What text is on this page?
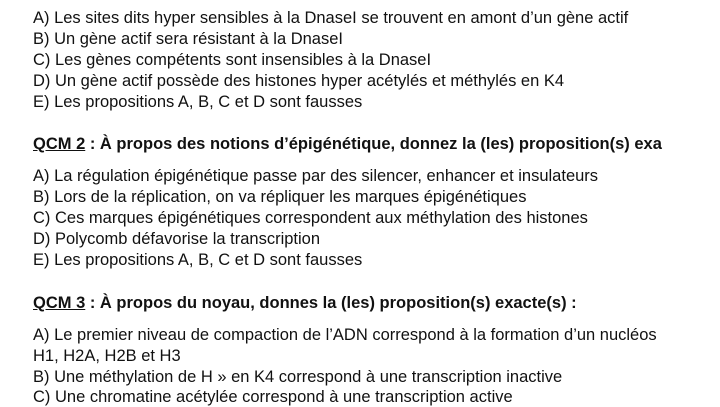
A) Les sites dits hyper sensibles à la DnaseI se trouvent en amont d’un gène actif
B) Un gène actif sera résistant à la DnaseI
C) Les gènes compétents sont insensibles à la DnaseI
D) Un gène actif possède des histones hyper acétylés et méthylés en K4
E) Les propositions A, B, C et D sont fausses
QCM 2 : À propos des notions d’épigénétique, donnez la (les) proposition(s) exa
A) La régulation épigénétique passe par des silencer, enhancer et insulateurs
B) Lors de la réplication, on va répliquer les marques épigénétiques
C) Ces marques épigénétiques correspondent aux méthylation des histones
D) Polycomb défavorise la transcription
E) Les propositions A, B, C et D sont fausses
QCM 3 : À propos du noyau, donnes la (les) proposition(s) exacte(s) :
A) Le premier niveau de compaction de l’ADN correspond à la formation d’un nucléos
H1, H2A, H2B et H3
B) Une méthylation de H » en K4 correspond à une transcription inactive
C) Une chromatine acétylée correspond à une transcription active
